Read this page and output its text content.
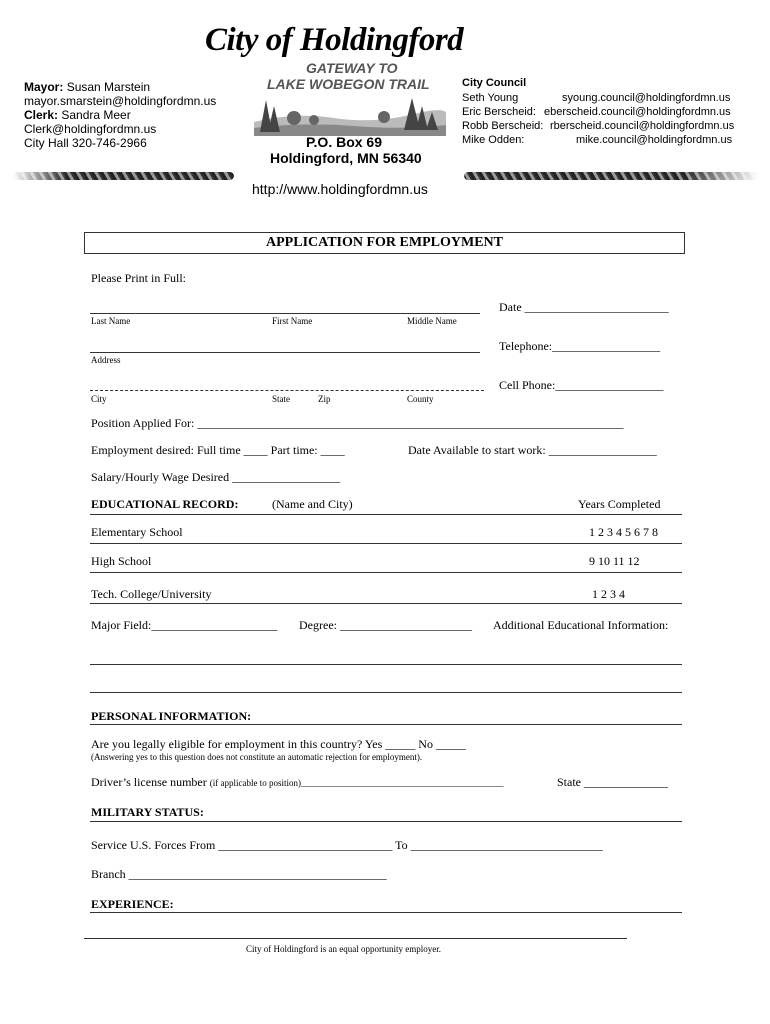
City of Holdingford
Mayor: Susan Marstein
mayor.smarstein@holdingfordmn.us
Clerk: Sandra Meer
Clerk@holdingfordmn.us
City Hall 320-746-2966
GATEWAY TO
LAKE WOBEGON TRAIL
P.O. Box 69
Holdingford, MN 56340
http://www.holdingfordmn.us
City Council
Seth Young	syoung.council@holdingfordmn.us
Eric Berscheid: eberscheid.council@holdingfordmn.us
Robb Berscheid: rberscheid.council@holdingfordmn.us
Mike Odden:	mike.council@holdingfordmn.us
APPLICATION FOR EMPLOYMENT
Please Print in Full:
Date ________________________
Last Name	First Name	Middle Name
Telephone:__________________
Address
Cell Phone:__________________
City	State	Zip	County
Position Applied For: _______________________________________________________________________
Employment desired: Full time ____ Part time: ____	Date Available to start work: __________________
Salary/Hourly Wage Desired __________________
EDUCATIONAL RECORD:	(Name and City)	Years Completed
Elementary School	1 2 3 4 5 6 7 8
High School	9 10 11 12
Tech. College/University	1 2 3 4
Major Field:_____________________ Degree: ______________________ Additional Educational Information:
PERSONAL INFORMATION:
Are you legally eligible for employment in this country? Yes _____ No _____
(Answering yes to this question does not constitute an automatic rejection for employment).
Driver’s license number (if applicable to position)_____________________________________________	State ______________
MILITARY STATUS:
Service U.S. Forces From _____________________________ To ________________________________
Branch ___________________________________________
EXPERIENCE:
City of Holdingford is an equal opportunity employer.
